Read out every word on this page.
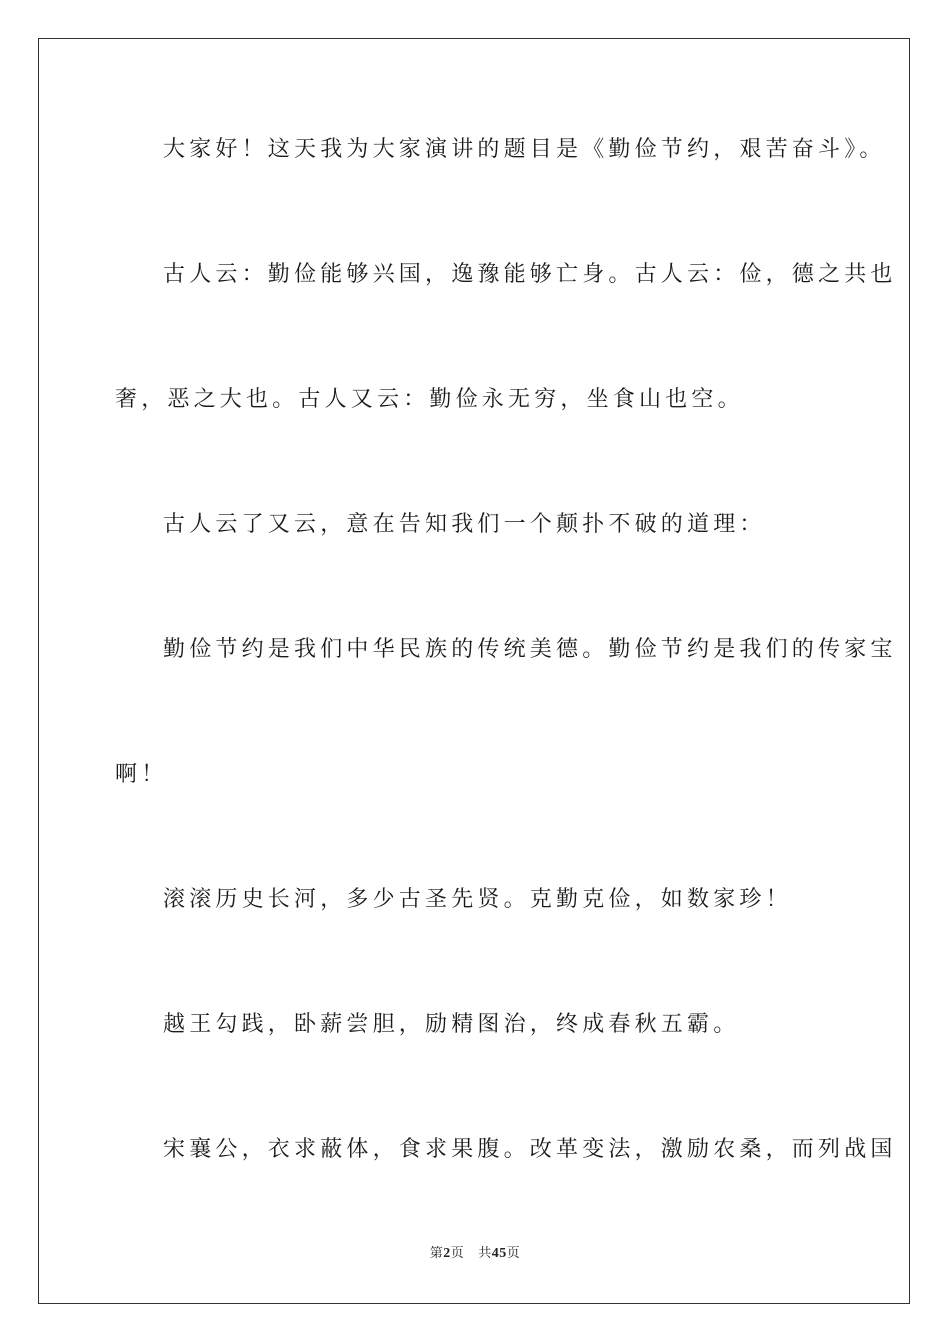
大家好！这天我为大家演讲的题目是《勤俭节约，艰苦奋斗》。
古人云：勤俭能够兴国，逸豫能够亡身。古人云：俭，德之共也
奢，恶之大也。古人又云：勤俭永无穷，坐食山也空。
古人云了又云，意在告知我们一个颠扑不破的道理：
勤俭节约是我们中华民族的传统美德。勤俭节约是我们的传家宝
啊！
滚滚历史长河，多少古圣先贤。克勤克俭，如数家珍！
越王勾践，卧薪尝胆，励精图治，终成春秋五霸。
宋襄公，衣求蔽体，食求果腹。改革变法，激励农桑，而列战国
第2页 共45页
